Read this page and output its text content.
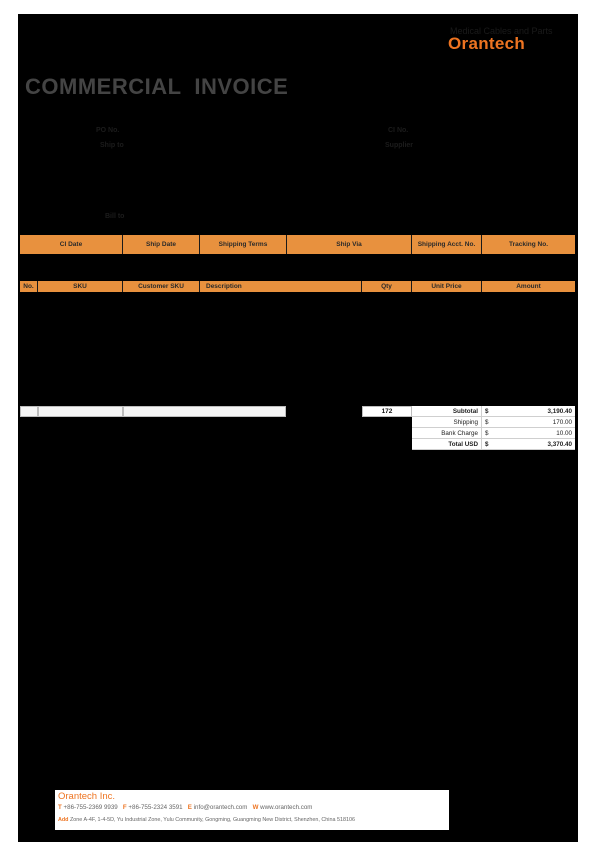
Medical Cables and Parts
Orantech
COMMERCIAL  INVOICE
PO No.	CI No.
Ship to	Supplier
Bill to
CI Date	Ship Date	Shipping Terms	Ship Via	Shipping Acct. No.	Tracking No.
No.	SKU	Customer SKU	Description	Qty	Unit Price	Amount
172	Subtotal	$	3,190.40
Shipping	$	170.00
Bank Charge	$	10.00
Total USD	$	3,370.40
Orantech Inc.
T +86-755-2369 9939 F +86-755-2324 3591 E info@orantech.com W www.orantech.com
Add Zone A-4F, 1-4-5D, Yu Industrial Zone, Yulu Community, Gongming, Guangming New District, Shenzhen, China 518106
